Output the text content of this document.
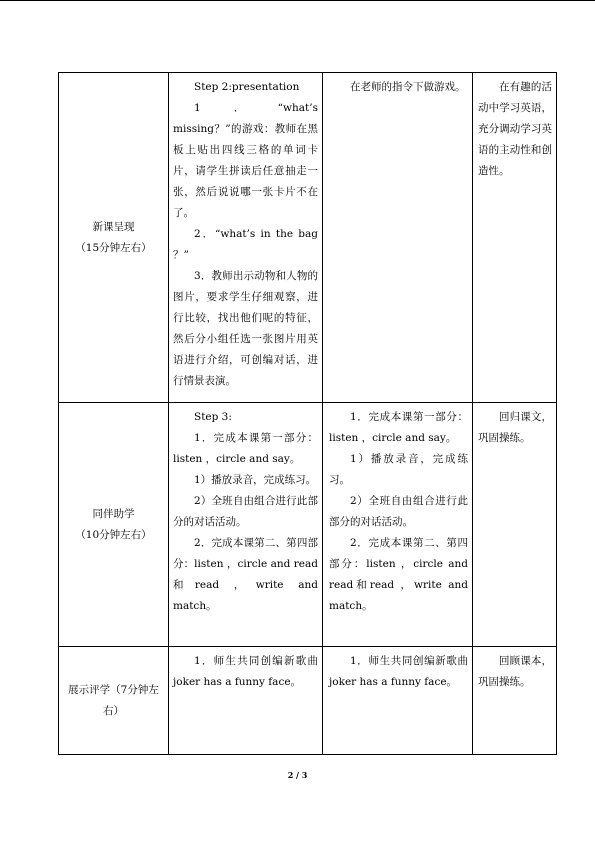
新课呈现

（15分钟左右）

Step 2:presentation

1．“what’s missing？”的游戏：教师在黑板上贴出四线三格的单词卡片，请学生拼读后任意抽走一张，然后说说哪一张卡片不在了。

2．“what’s in the bag ？”

3．教师出示动物和人物的图片，要求学生仔细观察，进行比较，找出他们呢的特征，然后分小组任选一张图片用英语进行介绍，可创编对话，进行情景表演。

在老师的指令下做游戏。	在有趣的活动中学习英语，充分调动学习英语的主动性和创造性。

同伴助学

（10分钟左右）

Step 3:

1．完成本课第一部分：listen ，circle and say。

1）播放录音，完成练习。

2）全班自由组合进行此部分的对话活动。

2．完成本课第二、第四部分：listen ，circle and read和read ，write and match。

1．完成本课第一部分：listen ，circle and say。

1）播放录音，完成练习。

2）全班自由组合进行此部分的对话活动。

2．完成本课第二、第四部分：listen ，circle and read和read ，write and match。

回归课文，巩固操练。

展示评学（7分钟左右）

1．师生共同创编新歌曲joker has a funny face。

1．师生共同创编新歌曲joker has a funny face。

回顾课本，巩固操练。

2 / 3
